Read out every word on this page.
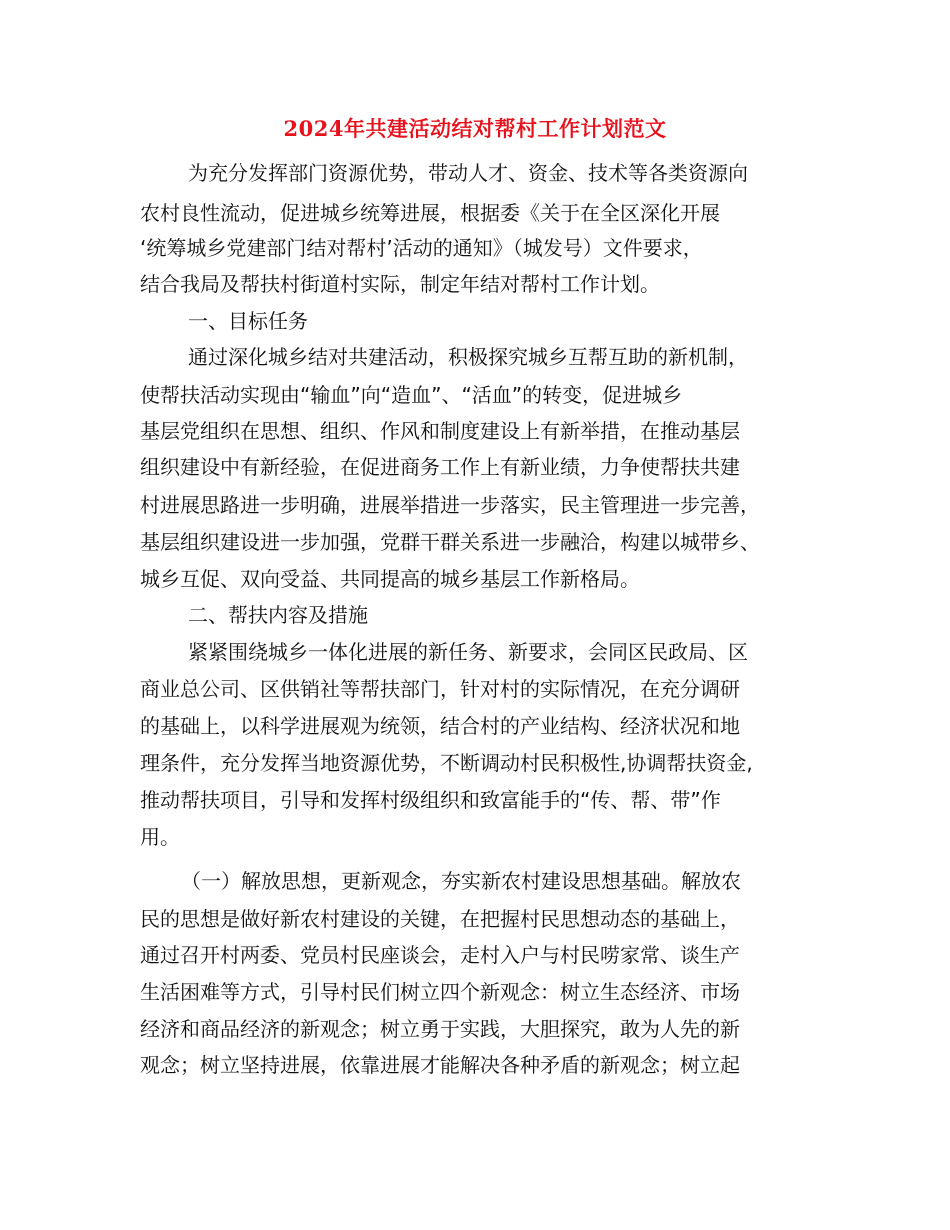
2024年共建活动结对帮村工作计划范文
为充分发挥部门资源优势，带动人才、资金、技术等各类资源向
农村良性流动，促进城乡统筹进展，根据委《关于在全区深化开展
‘统筹城乡党建部门结对帮村’活动的通知》（城发号）文件要求，
结合我局及帮扶村街道村实际，制定年结对帮村工作计划。
一、目标任务
通过深化城乡结对共建活动，积极探究城乡互帮互助的新机制，
使帮扶活动实现由“输血”向“造血”、“活血”的转变，促进城乡
基层党组织在思想、组织、作风和制度建设上有新举措，在推动基层
组织建设中有新经验，在促进商务工作上有新业绩，力争使帮扶共建
村进展思路进一步明确，进展举措进一步落实，民主管理进一步完善，
基层组织建设进一步加强，党群干群关系进一步融洽，构建以城带乡、
城乡互促、双向受益、共同提高的城乡基层工作新格局。
二、帮扶内容及措施
紧紧围绕城乡一体化进展的新任务、新要求，会同区民政局、区
商业总公司、区供销社等帮扶部门，针对村的实际情况，在充分调研
的基础上，以科学进展观为统领，结合村的产业结构、经济状况和地
理条件，充分发挥当地资源优势，不断调动村民积极性,协调帮扶资金,
推动帮扶项目，引导和发挥村级组织和致富能手的“传、帮、带”作
用。
（一）解放思想，更新观念，夯实新农村建设思想基础。解放农
民的思想是做好新农村建设的关键，在把握村民思想动态的基础上，
通过召开村两委、党员村民座谈会，走村入户与村民唠家常、谈生产
生活困难等方式，引导村民们树立四个新观念：树立生态经济、市场
经济和商品经济的新观念；树立勇于实践，大胆探究，敢为人先的新
观念；树立坚持进展，依靠进展才能解决各种矛盾的新观念；树立起
